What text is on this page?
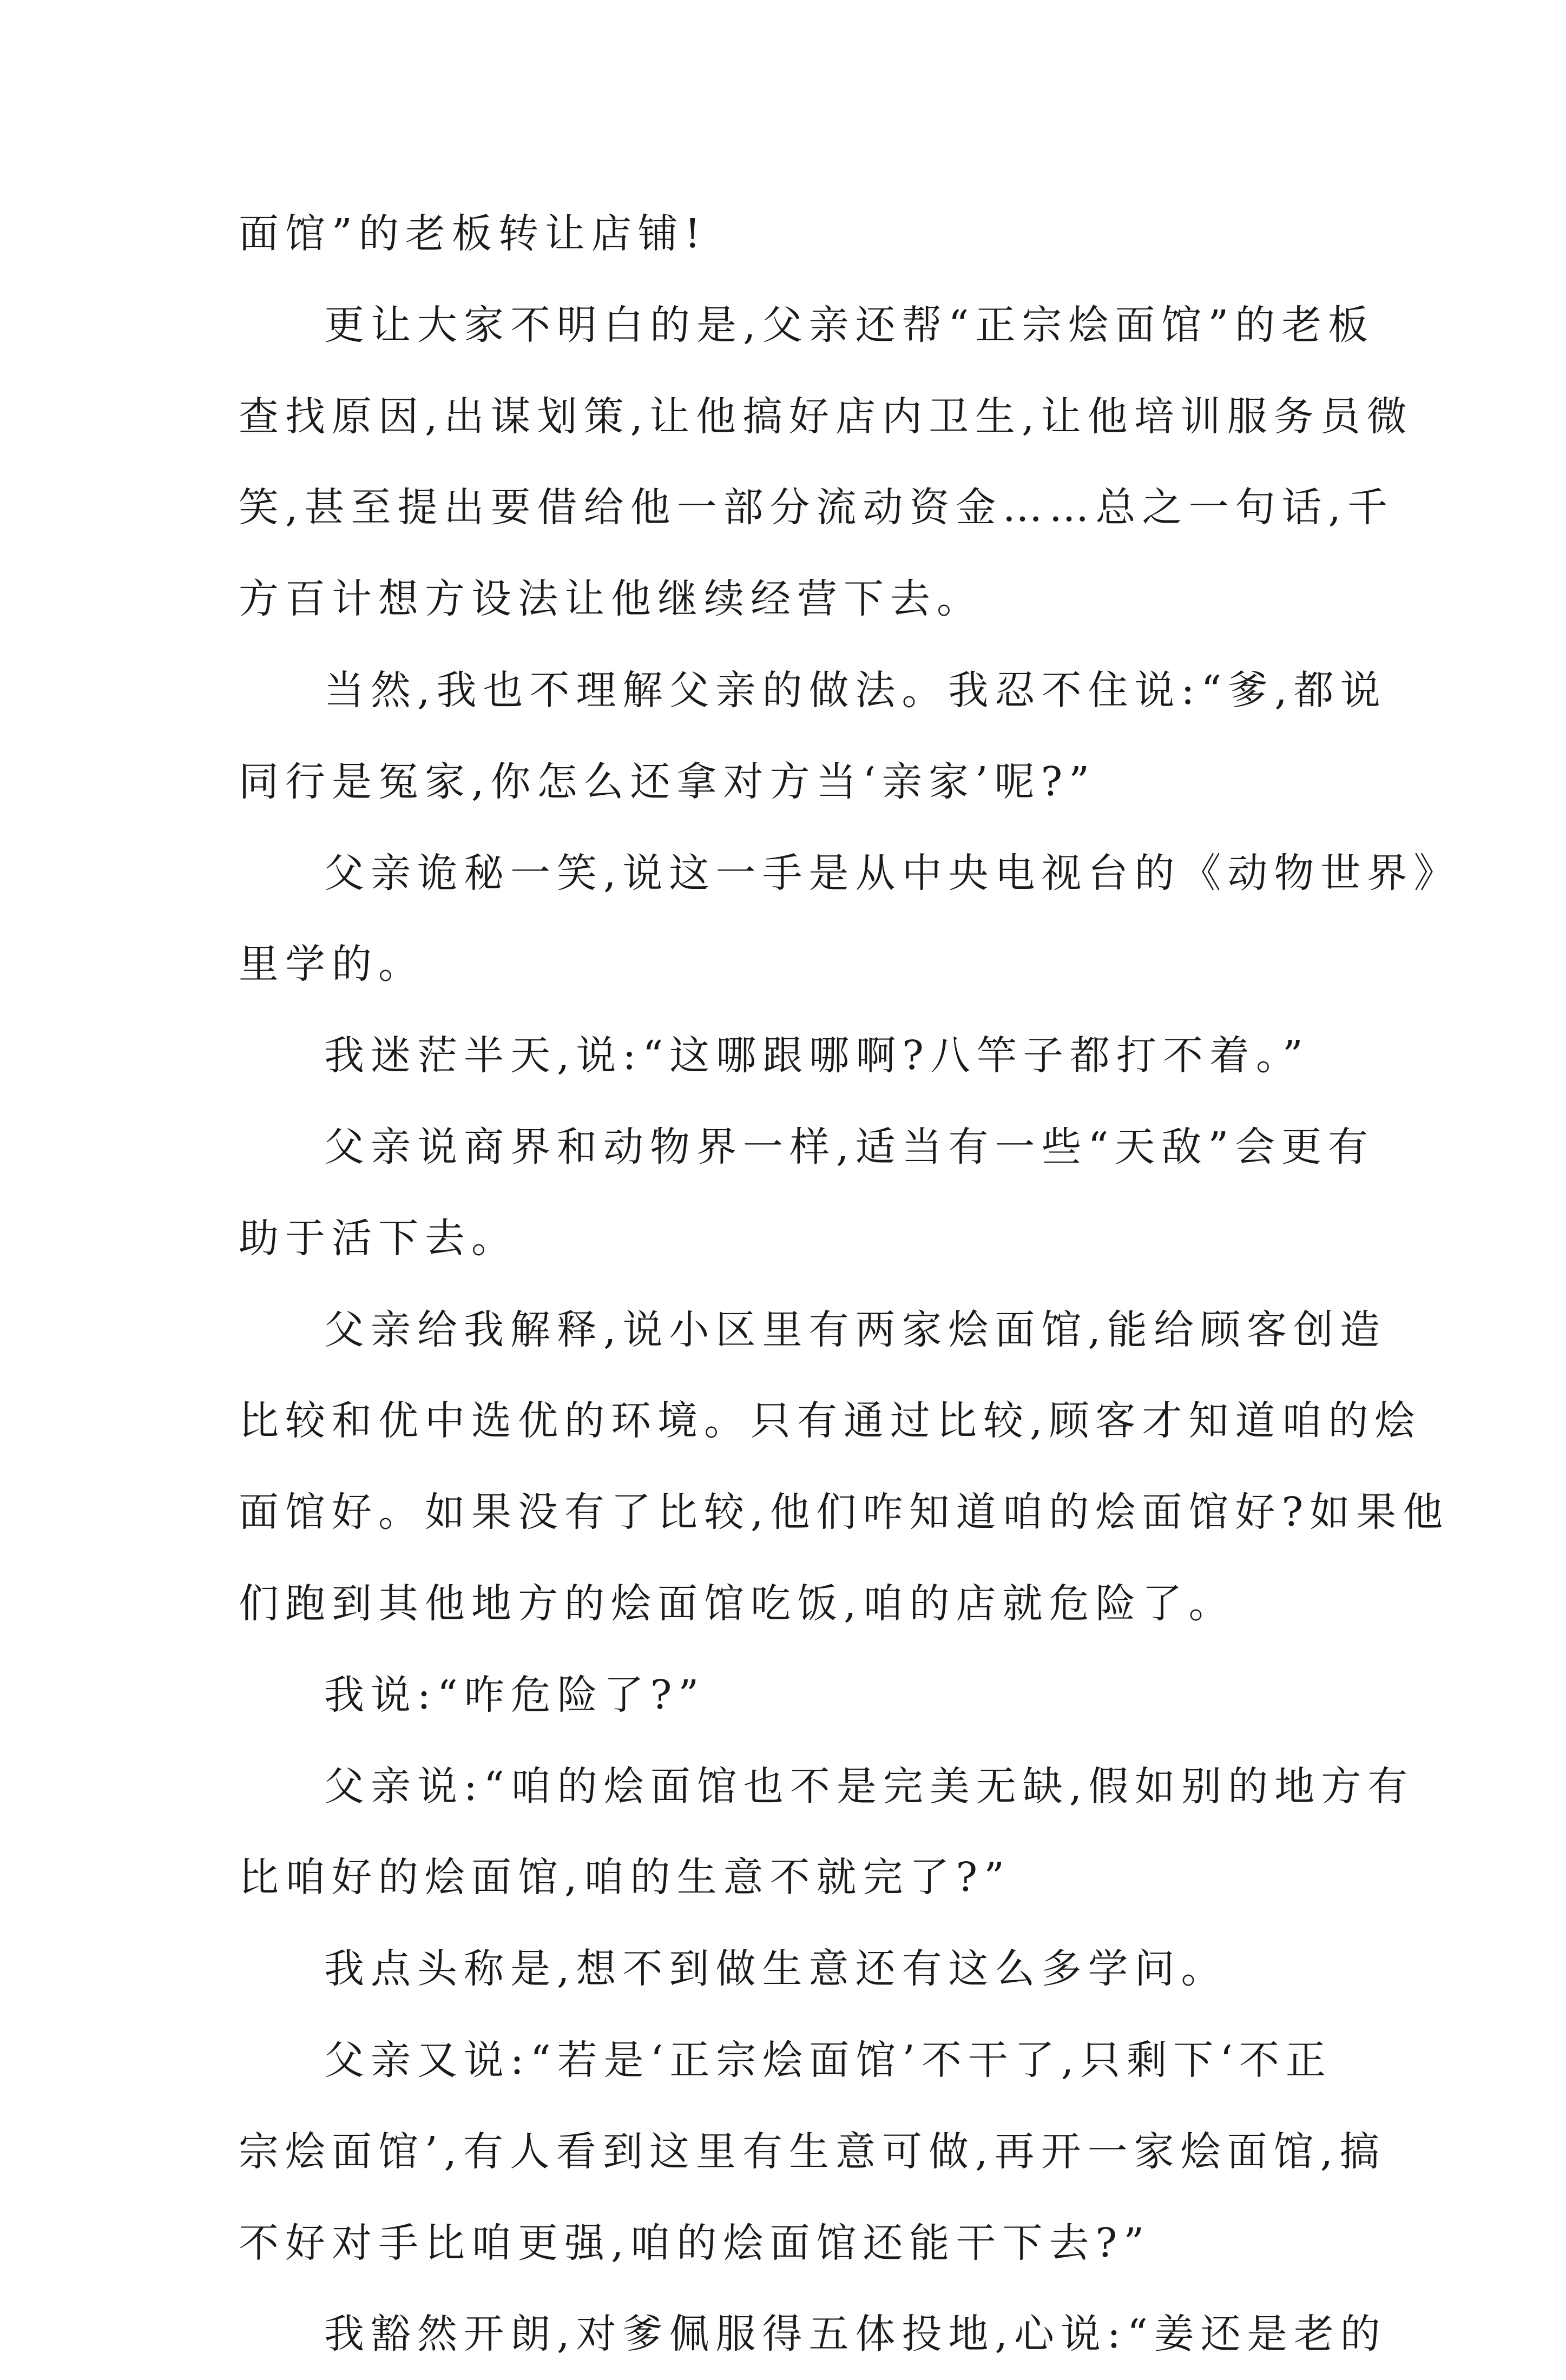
面馆”的老板转让店铺!
更让大家不明白的是,父亲还帮“正宗烩面馆”的老板
查找原因,出谋划策,让他搞好店内卫生,让他培训服务员微
笑,甚至提出要借给他一部分流动资金……总之一句话,千
方百计想方设法让他继续经营下去。
当然,我也不理解父亲的做法。我忍不住说:“爹,都说
同行是冤家,你怎么还拿对方当‘亲家’呢?”
父亲诡秘一笑,说这一手是从中央电视台的《动物世界》
里学的。
我迷茫半天,说:“这哪跟哪啊?八竿子都打不着。”
父亲说商界和动物界一样,适当有一些“天敌”会更有
助于活下去。
父亲给我解释,说小区里有两家烩面馆,能给顾客创造
比较和优中选优的环境。只有通过比较,顾客才知道咱的烩
面馆好。如果没有了比较,他们咋知道咱的烩面馆好?如果他
们跑到其他地方的烩面馆吃饭,咱的店就危险了。
我说:“咋危险了?”
父亲说:“咱的烩面馆也不是完美无缺,假如别的地方有
比咱好的烩面馆,咱的生意不就完了?”
我点头称是,想不到做生意还有这么多学问。
父亲又说:“若是‘正宗烩面馆’不干了,只剩下‘不正
宗烩面馆’,有人看到这里有生意可做,再开一家烩面馆,搞
不好对手比咱更强,咱的烩面馆还能干下去?”
我豁然开朗,对爹佩服得五体投地,心说:“姜还是老的
